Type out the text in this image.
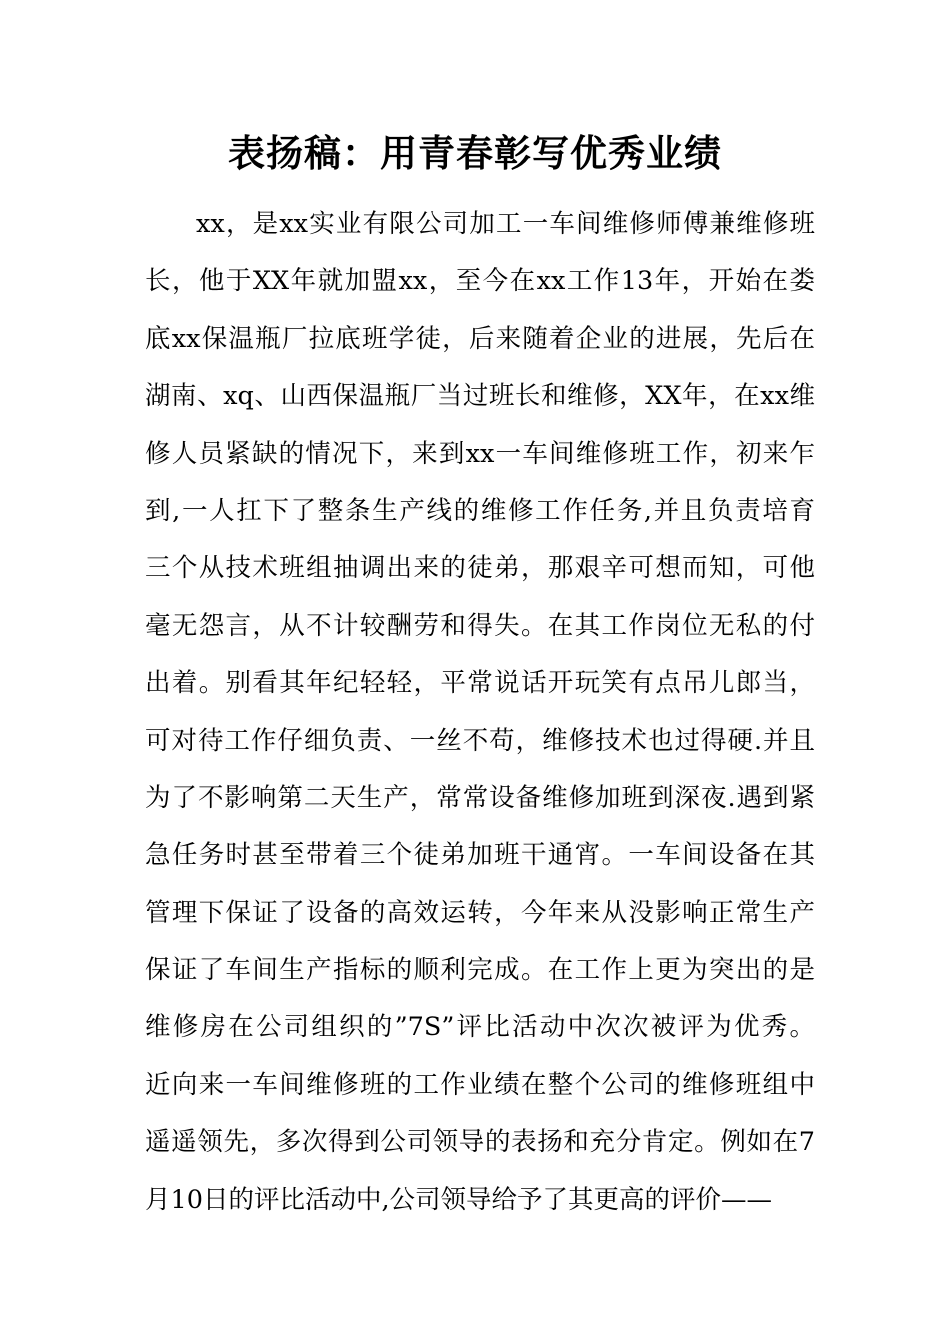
表扬稿：用青春彰写优秀业绩
xx，是xx实业有限公司加工一车间维修师傅兼维修班
长，他于XX年就加盟xx，至今在xx工作13年，开始在娄
底xx保温瓶厂拉底班学徒，后来随着企业的进展，先后在
湖南、xq、山西保温瓶厂当过班长和维修，XX年，在xx维
修人员紧缺的情况下，来到xx一车间维修班工作，初来乍
到,一人扛下了整条生产线的维修工作任务,并且负责培育
三个从技术班组抽调出来的徒弟，那艰辛可想而知，可他
毫无怨言，从不计较酬劳和得失。在其工作岗位无私的付
出着。别看其年纪轻轻，平常说话开玩笑有点吊儿郎当，
可对待工作仔细负责、一丝不苟，维修技术也过得硬.并且
为了不影响第二天生产，常常设备维修加班到深夜.遇到紧
急任务时甚至带着三个徒弟加班干通宵。一车间设备在其
管理下保证了设备的高效运转，今年来从没影响正常生产
保证了车间生产指标的顺利完成。在工作上更为突出的是
维修房在公司组织的”7S”评比活动中次次被评为优秀。
近向来一车间维修班的工作业绩在整个公司的维修班组中
遥遥领先，多次得到公司领导的表扬和充分肯定。例如在7
月10日的评比活动中,公司领导给予了其更高的评价——
